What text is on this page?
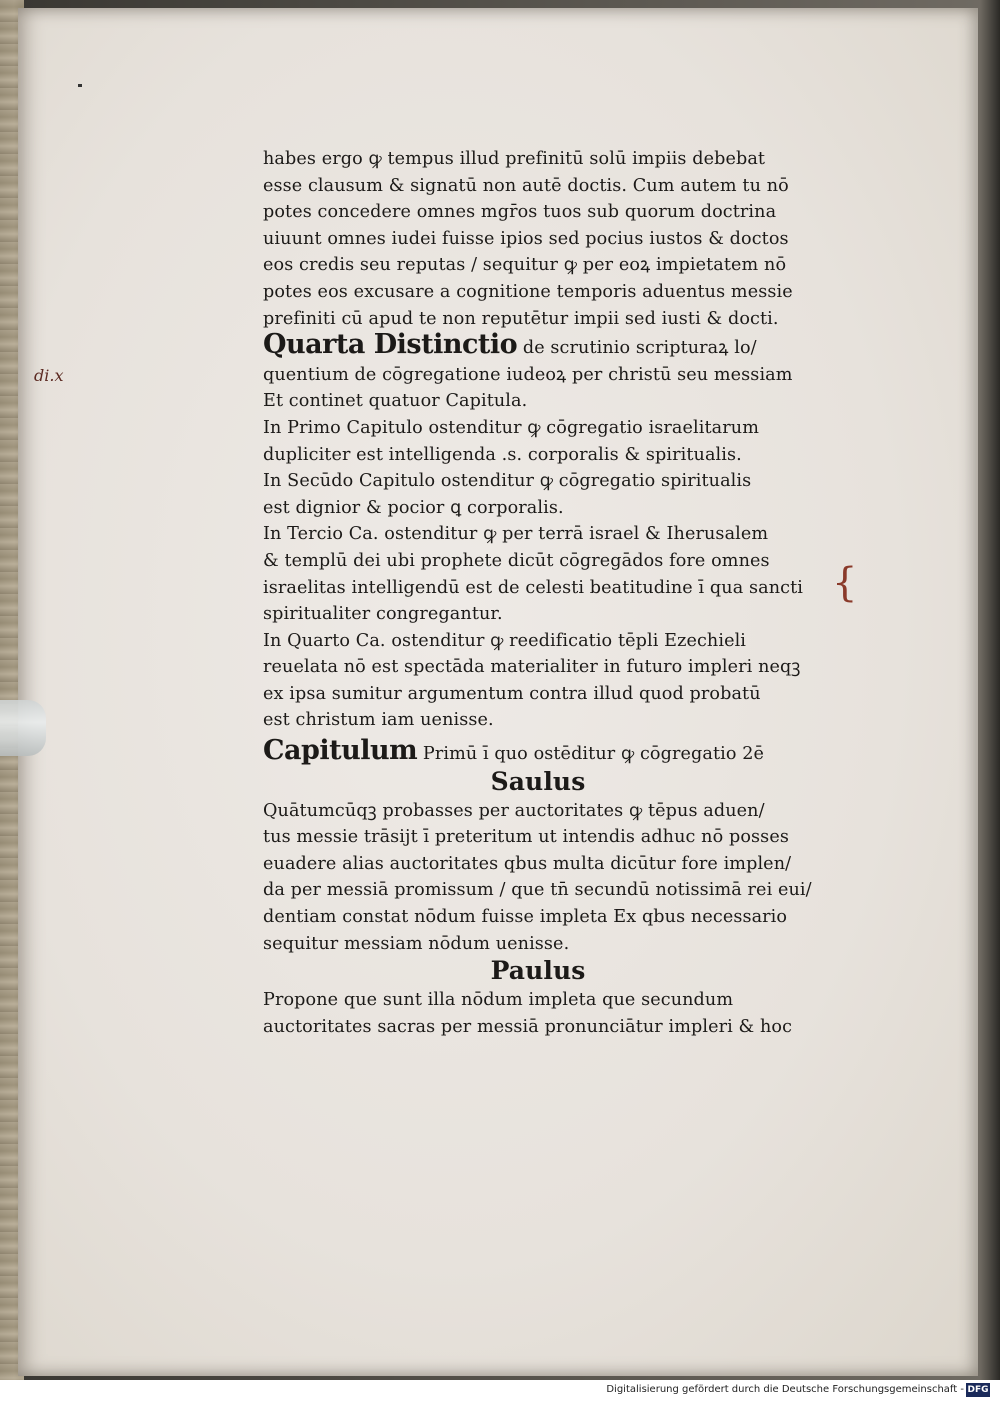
di.x
{
habes ergo ꝙ tempus illud prefinitū solū impiis debebat
esse clausum & signatū non autē doctis. Cum autem tu nō
potes concedere omnes mgr̄os tuos sub quorum doctrina
uiuunt omnes iudei fuisse ipios sed pocius iustos & doctos
eos credis seu reputas / sequitur ꝙ per eoꝝ impietatem nō
potes eos excusare a cognitione temporis aduentus messie
prefiniti cū apud te non reputētur impii sed iusti & docti.
Quarta Distinctio de scrutinio scripturaꝝ lo/
quentium de cōgregatione iudeoꝝ per christū seu messiam
Et continet quatuor Capitula.
In Primo Capitulo ostenditur ꝙ cōgregatio israelitarum
dupliciter est intelligenda .s. corporalis & spiritualis.
In Secūdo Capitulo ostenditur ꝙ cōgregatio spiritualis
est dignior & pocior ꝗ corporalis.
In Tercio Ca. ostenditur ꝙ per terrā israel & Iherusalem
& templū dei ubi prophete dicūt cōgregādos fore omnes
israelitas intelligendū est de celesti beatitudine ī qua sancti
spiritualiter congregantur.
In Quarto Ca. ostenditur ꝙ reedificatio tēpli Ezechieli
reuelata nō est spectāda materialiter in futuro impleri neqꝫ
ex ipsa sumitur argumentum contra illud quod probatū
est christum iam uenisse.
Capitulum Primū ī quo ostēditur ꝙ cōgregatio 2ē
Saulus
Quātumcūqꝫ probasses per auctoritates ꝙ tēpus aduen/
tus messie trāsijt ī preteritum ut intendis adhuc nō posses
euadere alias auctoritates qbus multa dicūtur fore implen/
da per messiā promissum / que tn̄ secundū notissimā rei eui/
dentiam constat nōdum fuisse impleta Ex qbus necessario
sequitur messiam nōdum uenisse.
Paulus
Propone que sunt illa nōdum impleta que secundum
auctoritates sacras per messiā pronunciātur impleri & hoc
Digitalisierung gefördert durch die Deutsche Forschungsgemeinschaft - DFG
